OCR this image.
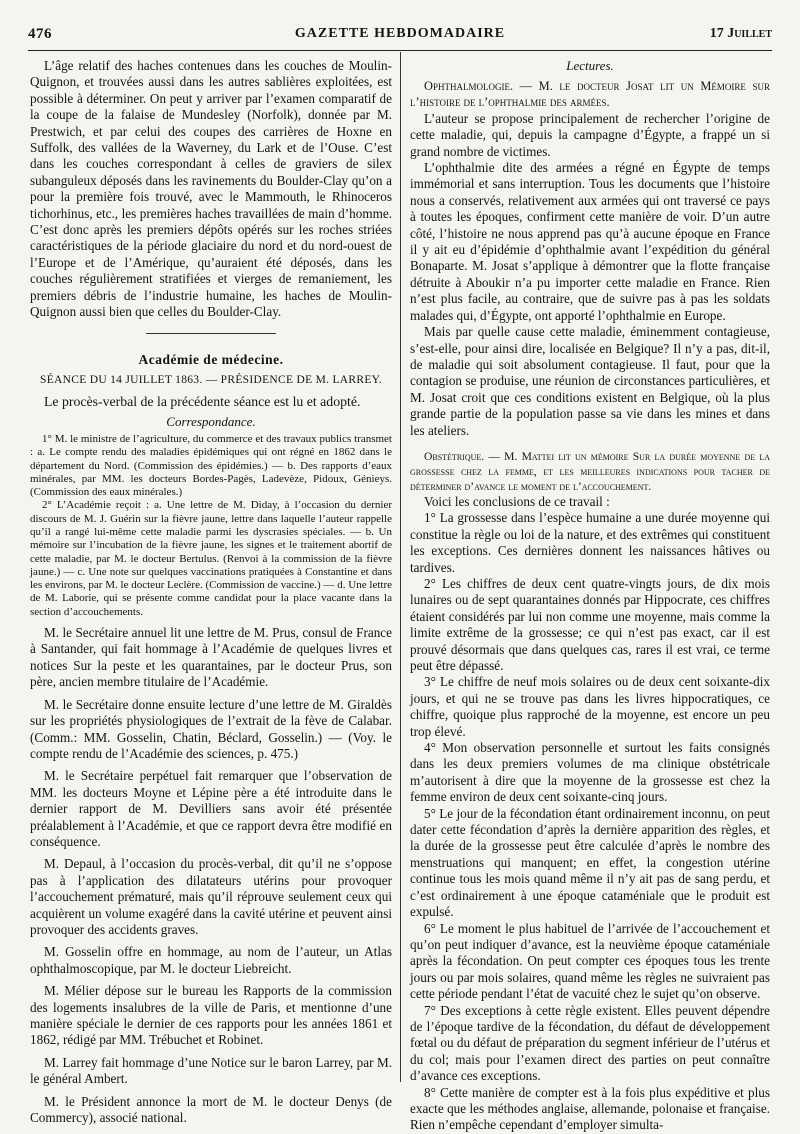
476	GAZETTE HEBDOMADAIRE	17 Juillet

L’âge relatif des haches contenues dans les couches de Moulin-Quignon, et trouvées aussi dans les autres sablières exploitées, est possible à déterminer. On peut y arriver par l’examen comparatif de la coupe de la falaise de Mundesley (Norfolk), donnée par M. Prestwich, et par celui des coupes des carrières de Hoxne en Suffolk, des vallées de la Waverney, du Lark et de l’Ouse. C’est dans les couches correspondant à celles de graviers de silex subanguleux déposés dans les ravinements du Boulder-Clay qu’on a pour la première fois trouvé, avec le Mammouth, le Rhinoceros tichorhinus, etc., les premières haches travaillées de main d’homme. C’est donc après les premiers dépôts opérés sur les roches striées caractéristiques de la période glaciaire du nord et du nord-ouest de l’Europe et de l’Amérique, qu’auraient été déposés, dans les couches régulièrement stratifiées et vierges de remaniement, les premiers débris de l’industrie humaine, les haches de Moulin-Quignon aussi bien que celles du Boulder-Clay.

Académie de médecine.

SÉANCE DU 14 JUILLET 1863. — PRÉSIDENCE DE M. LARREY.

Le procès-verbal de la précédente séance est lu et adopté.

Correspondance.

1° M. le ministre de l’agriculture, du commerce et des travaux publics transmet : a. Le compte rendu des maladies épidémiques qui ont régné en 1862 dans le département du Nord. (Commission des épidémies.) — b. Des rapports d’eaux minérales, par MM. les docteurs Bordes-Pagès, Ladevèze, Pidoux, Génieys. (Commission des eaux minérales.)

2° L’Académie reçoit : a. Une lettre de M. Diday, à l’occasion du dernier discours de M. J. Guérin sur la fièvre jaune, lettre dans laquelle l’auteur rappelle qu’il a rangé lui-même cette maladie parmi les dyscrasies spéciales. — b. Un mémoire sur l’incubation de la fièvre jaune, les signes et le traitement abortif de cette maladie, par M. le docteur Bertulus. (Renvoi à la commission de la fièvre jaune.) — c. Une note sur quelques vaccinations pratiquées à Constantine et dans les environs, par M. le docteur Leclère. (Commission de vaccine.) — d. Une lettre de M. Laborie, qui se présente comme candidat pour la place vacante dans la section d’accouchements.

M. le Secrétaire annuel lit une lettre de M. Prus, consul de France à Santander, qui fait hommage à l’Académie de quelques livres et notices Sur la peste et les quarantaines, par le docteur Prus, son père, ancien membre titulaire de l’Académie.

M. le Secrétaire donne ensuite lecture d’une lettre de M. Giraldès sur les propriétés physiologiques de l’extrait de la fève de Calabar. (Comm.: MM. Gosselin, Chatin, Béclard, Gosselin.) — (Voy. le compte rendu de l’Académie des sciences, p. 475.)

M. le Secrétaire perpétuel fait remarquer que l’observation de MM. les docteurs Moyne et Lépine père a été introduite dans le dernier rapport de M. Devilliers sans avoir été présentée préalablement à l’Académie, et que ce rapport devra être modifié en conséquence.

M. Depaul, à l’occasion du procès-verbal, dit qu’il ne s’oppose pas à l’application des dilatateurs utérins pour provoquer l’accouchement prématuré, mais qu’il réprouve seulement ceux qui acquièrent un volume exagéré dans la cavité utérine et peuvent ainsi provoquer des accidents graves.

M. Gosselin offre en hommage, au nom de l’auteur, un Atlas ophthalmoscopique, par M. le docteur Liebreicht.

M. Mélier dépose sur le bureau les Rapports de la commission des logements insalubres de la ville de Paris, et mentionne d’une manière spéciale le dernier de ces rapports pour les années 1861 et 1862, rédigé par MM. Trébuchet et Robinet.

M. Larrey fait hommage d’une Notice sur le baron Larrey, par M. le général Ambert.

M. le Président annonce la mort de M. le docteur Denys (de Commercy), associé national.

Lectures.

Ophthalmologie. — M. le docteur Josat lit un Mémoire sur l’histoire de l’ophthalmie des armées.

L’auteur se propose principalement de rechercher l’origine de cette maladie, qui, depuis la campagne d’Égypte, a frappé un si grand nombre de victimes.

L’ophthalmie dite des armées a régné en Égypte de temps immémorial et sans interruption. Tous les documents que l’histoire nous a conservés, relativement aux armées qui ont traversé ce pays à toutes les époques, confirment cette manière de voir. D’un autre côté, l’histoire ne nous apprend pas qu’à aucune époque en France il y ait eu d’épidémie d’ophthalmie avant l’expédition du général Bonaparte. M. Josat s’applique à démontrer que la flotte française détruite à Aboukir n’a pu importer cette maladie en France. Rien n’est plus facile, au contraire, que de suivre pas à pas les soldats malades qui, d’Égypte, ont apporté l’ophthalmie en Europe.

Mais par quelle cause cette maladie, éminemment contagieuse, s’est-elle, pour ainsi dire, localisée en Belgique? Il n’y a pas, dit-il, de maladie qui soit absolument contagieuse. Il faut, pour que la contagion se produise, une réunion de circonstances particulières, et M. Josat croit que ces conditions existent en Belgique, où la plus grande partie de la population passe sa vie dans les mines et dans les ateliers.

Obstétrique. — M. Mattei lit un mémoire Sur la durée moyenne de la grossesse chez la femme, et les meilleures indications pour tacher de déterminer d’avance le moment de l’accouchement.

Voici les conclusions de ce travail :

1° La grossesse dans l’espèce humaine a une durée moyenne qui constitue la règle ou loi de la nature, et des extrêmes qui constituent les exceptions. Ces dernières donnent les naissances hâtives ou tardives.

2° Les chiffres de deux cent quatre-vingts jours, de dix mois lunaires ou de sept quarantaines donnés par Hippocrate, ces chiffres étaient considérés par lui non comme une moyenne, mais comme la limite extrême de la grossesse; ce qui n’est pas exact, car il est prouvé désormais que dans quelques cas, rares il est vrai, ce terme peut être dépassé.

3° Le chiffre de neuf mois solaires ou de deux cent soixante-dix jours, et qui ne se trouve pas dans les livres hippocratiques, ce chiffre, quoique plus rapproché de la moyenne, est encore un peu trop élevé.

4° Mon observation personnelle et surtout les faits consignés dans les deux premiers volumes de ma clinique obstétricale m’autorisent à dire que la moyenne de la grossesse est chez la femme environ de deux cent soixante-cinq jours.

5° Le jour de la fécondation étant ordinairement inconnu, on peut dater cette fécondation d’après la dernière apparition des règles, et la durée de la grossesse peut être calculée d’après le nombre des menstruations qui manquent; en effet, la congestion utérine continue tous les mois quand même il n’y ait pas de sang perdu, et c’est ordinairement à une époque cataméniale que le produit est expulsé.

6° Le moment le plus habituel de l’arrivée de l’accouchement et qu’on peut indiquer d’avance, est la neuvième époque cataméniale après la fécondation. On peut compter ces époques tous les trente jours ou par mois solaires, quand même les règles ne suivraient pas cette période pendant l’état de vacuité chez le sujet qu’on observe.

7° Des exceptions à cette règle existent. Elles peuvent dépendre de l’époque tardive de la fécondation, du défaut de développement fœtal ou du défaut de préparation du segment inférieur de l’utérus et du col; mais pour l’examen direct des parties on peut connaître d’avance ces exceptions.

8° Cette manière de compter est à la fois plus expéditive et plus exacte que les méthodes anglaise, allemande, polonaise et française. Rien n’empêche cependant d’employer simulta-
